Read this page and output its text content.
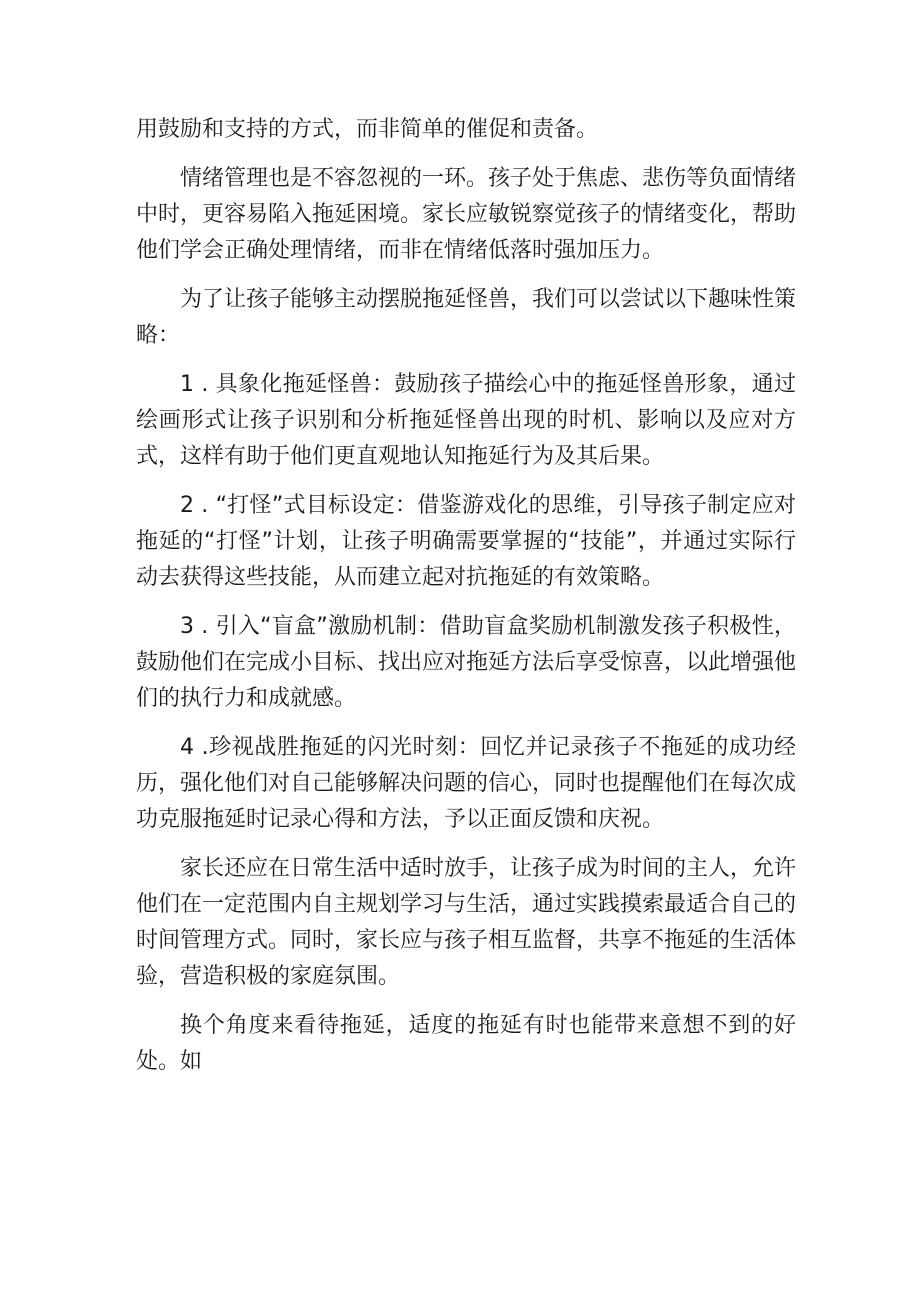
用鼓励和支持的方式，而非简单的催促和责备。

情绪管理也是不容忽视的一环。孩子处于焦虑、悲伤等负面情绪中时，更容易陷入拖延困境。家长应敏锐察觉孩子的情绪变化，帮助他们学会正确处理情绪，而非在情绪低落时强加压力。

为了让孩子能够主动摆脱拖延怪兽，我们可以尝试以下趣味性策略：

1 . 具象化拖延怪兽：鼓励孩子描绘心中的拖延怪兽形象，通过绘画形式让孩子识别和分析拖延怪兽出现的时机、影响以及应对方式，这样有助于他们更直观地认知拖延行为及其后果。

2 . “打怪”式目标设定：借鉴游戏化的思维，引导孩子制定应对拖延的“打怪”计划，让孩子明确需要掌握的“技能”，并通过实际行动去获得这些技能，从而建立起对抗拖延的有效策略。

3 . 引入“盲盒”激励机制：借助盲盒奖励机制激发孩子积极性，鼓励他们在完成小目标、找出应对拖延方法后享受惊喜，以此增强他们的执行力和成就感。

4 .珍视战胜拖延的闪光时刻：回忆并记录孩子不拖延的成功经历，强化他们对自己能够解决问题的信心，同时也提醒他们在每次成功克服拖延时记录心得和方法，予以正面反馈和庆祝。

家长还应在日常生活中适时放手，让孩子成为时间的主人，允许他们在一定范围内自主规划学习与生活，通过实践摸索最适合自己的时间管理方式。同时，家长应与孩子相互监督，共享不拖延的生活体验，营造积极的家庭氛围。

换个角度来看待拖延，适度的拖延有时也能带来意想不到的好处。如
